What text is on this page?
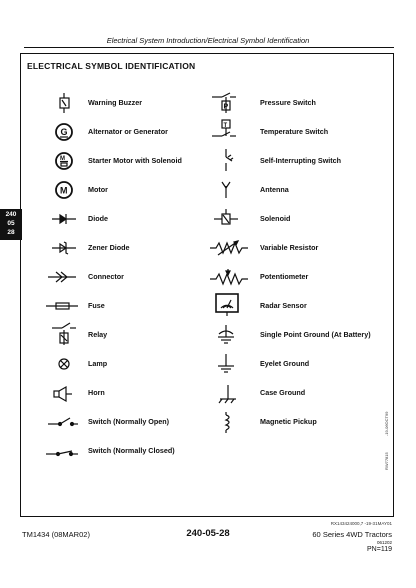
Electrical System Introduction/Electrical Symbol Identification
240
05
28
ELECTRICAL SYMBOL IDENTIFICATION
Warning Buzzer
G	Alternator or Generator
M	Starter Motor with Solenoid
M	Motor
Diode
Zener Diode
Connector
Fuse
Relay
Lamp
Horn
Switch (Normally Open)
Switch (Normally Closed)
P	Pressure Switch
T
Temperature Switch
Self-Interrupting Switch
Antenna
Solenoid
Variable Resistor
Potentiometer
Radar Sensor
Single Point Ground (At Battery)
Eyelet Ground
Case Ground
Magnetic Pickup	-19-06OCT99
RW77815
RX143424000,7 -19-31MAY01
TM1434 (08MAR02)	240-05-28	60 Series 4WD Tractors
061202
PN=119
